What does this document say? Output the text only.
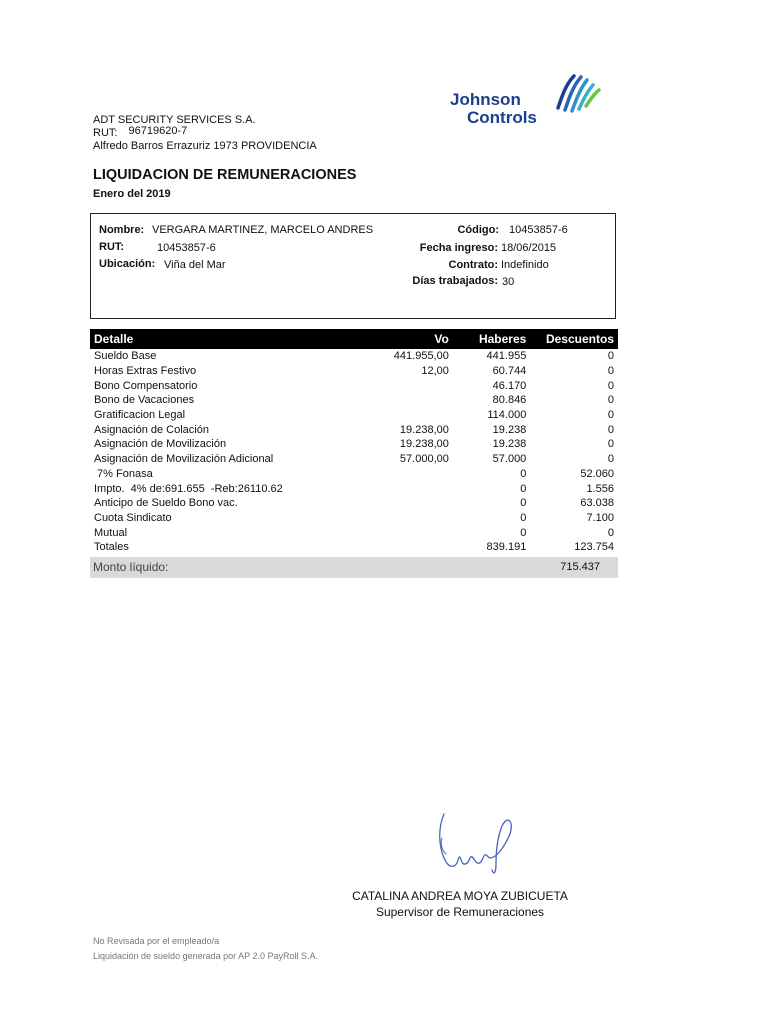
Johnson
Controls
ADT SECURITY SERVICES S.A.
RUT: 96719620-7
Alfredo Barros Errazuriz 1973 PROVIDENCIA
LIQUIDACION DE REMUNERACIONES
Enero del 2019
Nombre: VERGARA MARTINEZ, MARCELO ANDRES
RUT:	10453857-6
Ubicación: Viña del Mar
Código: 10453857-6
Fecha ingreso: 18/06/2015
Contrato: Indefinido
Días trabajados: 30
Detalle	Vo	Haberes	Descuentos
Sueldo Base	441.955,00	441.955	0
Horas Extras Festivo	12,00	60.744	0
Bono Compensatorio		46.170	0
Bono de Vacaciones		80.846	0
Gratificacion Legal		114.000	0
Asignación de Colación	19.238,00	19.238	0
Asignación de Movilización	19.238,00	19.238	0
Asignación de Movilización Adicional	57.000,00	57.000	0
7% Fonasa		0	52.060
Impto.  4% de:691.655  -Reb:26110.62		0	1.556
Anticipo de Sueldo Bono vac.		0	63.038
Cuota Sindicato		0	7.100
Mutual		0	0
Totales		839.191	123.754
Monto líquido:	715.437
CATALINA ANDREA MOYA ZUBICUETA
Supervisor de Remuneraciones
No Revisada por el empleado/a
Liquidación de sueldo generada por AP 2.0 PayRoll S.A.
